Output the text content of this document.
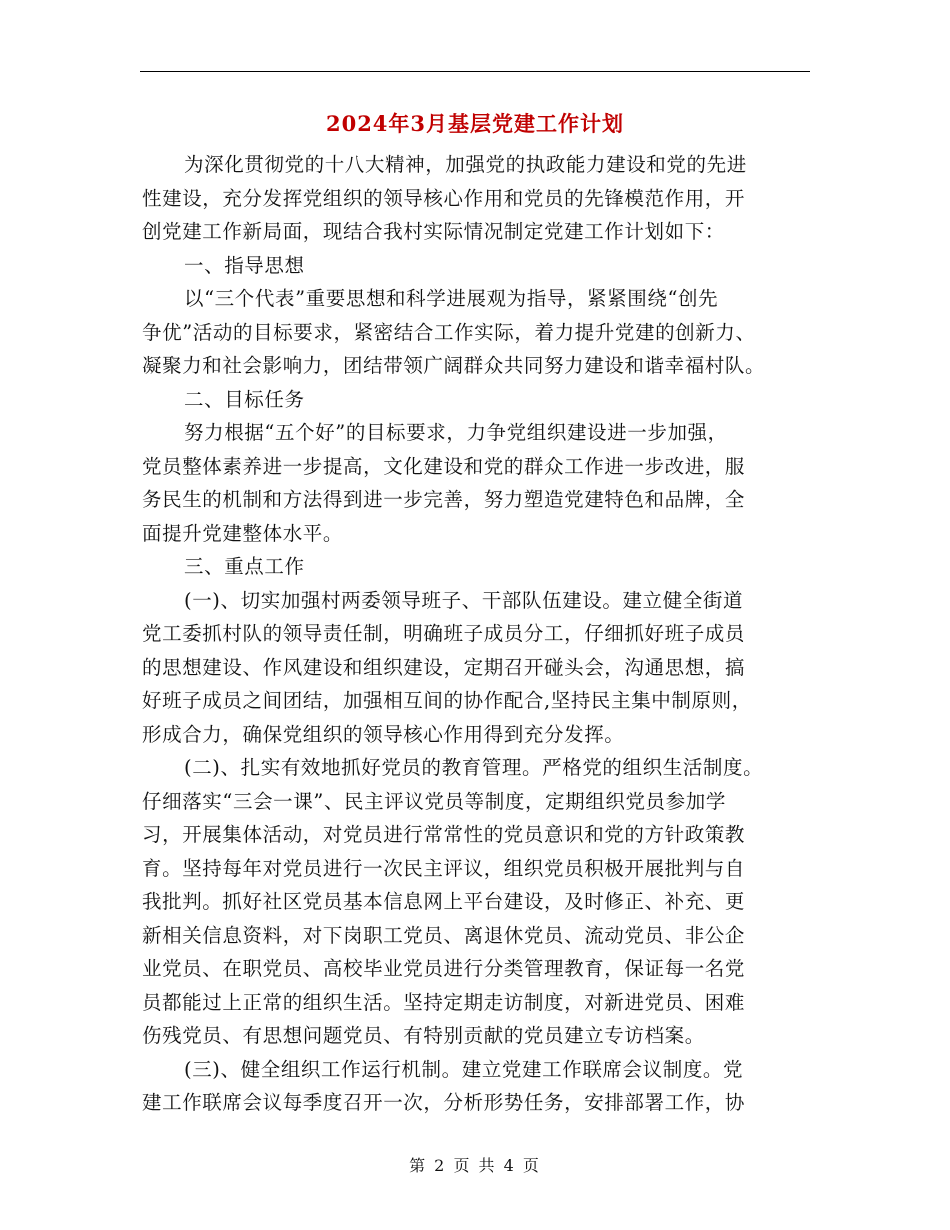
2024年3月基层党建工作计划
为深化贯彻党的十八大精神，加强党的执政能力建设和党的先进
性建设，充分发挥党组织的领导核心作用和党员的先锋模范作用，开
创党建工作新局面，现结合我村实际情况制定党建工作计划如下：
一、指导思想
以“三个代表”重要思想和科学进展观为指导，紧紧围绕“创先
争优”活动的目标要求，紧密结合工作实际，着力提升党建的创新力、
凝聚力和社会影响力，团结带领广阔群众共同努力建设和谐幸福村队。
二、目标任务
努力根据“五个好”的目标要求，力争党组织建设进一步加强，
党员整体素养进一步提高，文化建设和党的群众工作进一步改进，服
务民生的机制和方法得到进一步完善，努力塑造党建特色和品牌，全
面提升党建整体水平。
三、重点工作
(一)、切实加强村两委领导班子、干部队伍建设。建立健全街道
党工委抓村队的领导责任制，明确班子成员分工，仔细抓好班子成员
的思想建设、作风建设和组织建设，定期召开碰头会，沟通思想，搞
好班子成员之间团结，加强相互间的协作配合,坚持民主集中制原则，
形成合力，确保党组织的领导核心作用得到充分发挥。
(二)、扎实有效地抓好党员的教育管理。严格党的组织生活制度。
仔细落实“三会一课”、民主评议党员等制度，定期组织党员参加学
习，开展集体活动，对党员进行常常性的党员意识和党的方针政策教
育。坚持每年对党员进行一次民主评议，组织党员积极开展批判与自
我批判。抓好社区党员基本信息网上平台建设，及时修正、补充、更
新相关信息资料，对下岗职工党员、离退休党员、流动党员、非公企
业党员、在职党员、高校毕业党员进行分类管理教育，保证每一名党
员都能过上正常的组织生活。坚持定期走访制度，对新进党员、困难
伤残党员、有思想问题党员、有特别贡献的党员建立专访档案。
(三)、健全组织工作运行机制。建立党建工作联席会议制度。党
建工作联席会议每季度召开一次，分析形势任务，安排部署工作，协
第 2 页 共 4 页
